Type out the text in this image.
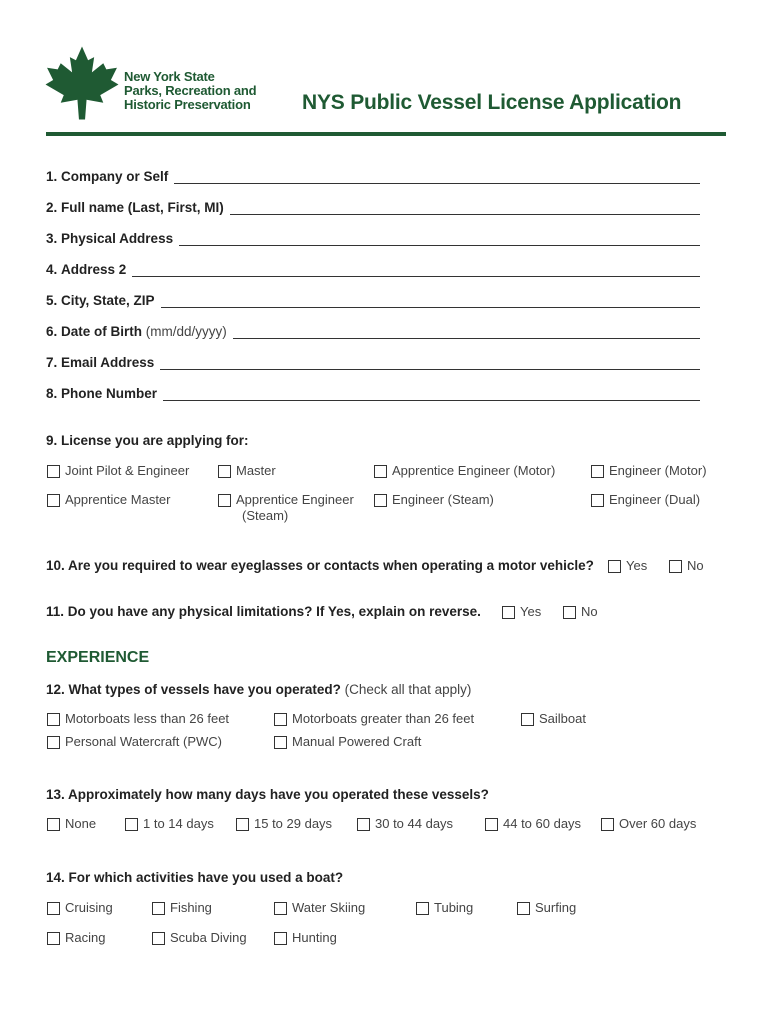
New York State
Parks, Recreation and
Historic Preservation NYS Public Vessel License Application
1.
Company or Self
2.
Full name (Last, First, MI)
3.
Physical Address
4.
Address 2
5.
City, State, ZIP
6.
Date of Birth (mm/dd/yyyy)
7.
Email Address
8.
Phone Number
9. License you are applying for:
Joint Pilot & Engineer	Master	Apprentice Engineer (Motor)	Engineer (Motor)
Apprentice Master	Apprentice Engineer
(Steam)
Engineer (Steam)	Engineer (Dual)
10. Are you required to wear eyeglasses or contacts when operating a motor vehicle? Yes	No
11. Do you have any physical limitations? If Yes, explain on reverse.	Yes	No
EXPERIENCE
12. What types of vessels have you operated? (Check all that apply)
Motorboats less than 26 feet	Motorboats greater than 26 feet	Sailboat
Personal Watercraft (PWC)	Manual Powered Craft
13. Approximately how many days have you operated these vessels?
None	1 to 14 days	15 to 29 days	30 to 44 days	44 to 60 days	Over 60 days
14. For which activities have you used a boat?
Cruising	Fishing	Water Skiing	Tubing	Surfing
Racing	Scuba Diving	Hunting
